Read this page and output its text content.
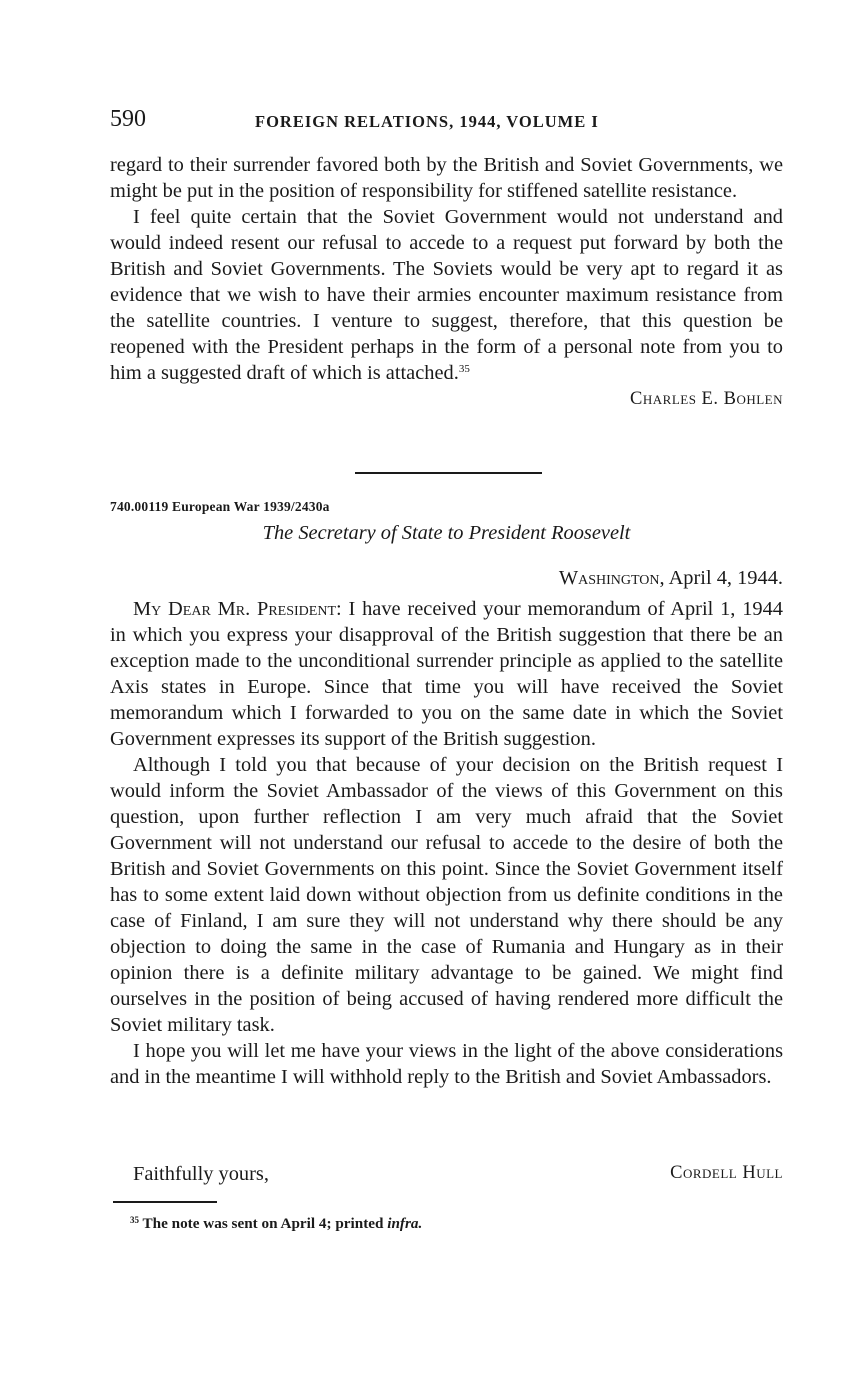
590	FOREIGN RELATIONS, 1944, VOLUME I

regard to their surrender favored both by the British and Soviet Governments, we might be put in the position of responsibility for stiffened satellite resistance.

I feel quite certain that the Soviet Government would not understand and would indeed resent our refusal to accede to a request put forward by both the British and Soviet Governments. The Soviets would be very apt to regard it as evidence that we wish to have their armies encounter maximum resistance from the satellite countries. I venture to suggest, therefore, that this question be reopened with the President perhaps in the form of a personal note from you to him a suggested draft of which is attached.$^{35}$

Charles E. Bohlen
740.00119 European War 1939/2430a
The Secretary of State to President Roosevelt
Washington, April 4, 1944.

My Dear Mr. President: I have received your memorandum of April 1, 1944 in which you express your disapproval of the British suggestion that there be an exception made to the unconditional surrender principle as applied to the satellite Axis states in Europe. Since that time you will have received the Soviet memorandum which I forwarded to you on the same date in which the Soviet Government expresses its support of the British suggestion.

Although I told you that because of your decision on the British request I would inform the Soviet Ambassador of the views of this Government on this question, upon further reflection I am very much afraid that the Soviet Government will not understand our refusal to accede to the desire of both the British and Soviet Governments on this point. Since the Soviet Government itself has to some extent laid down without objection from us definite conditions in the case of Finland, I am sure they will not understand why there should be any objection to doing the same in the case of Rumania and Hungary as in their opinion there is a definite military advantage to be gained. We might find ourselves in the position of being accused of having rendered more difficult the Soviet military task.

I hope you will let me have your views in the light of the above considerations and in the meantime I will withhold reply to the British and Soviet Ambassadors.

Faithfully yours,	Cordell Hull
$^{35}$ The note was sent on April 4; printed infra.
